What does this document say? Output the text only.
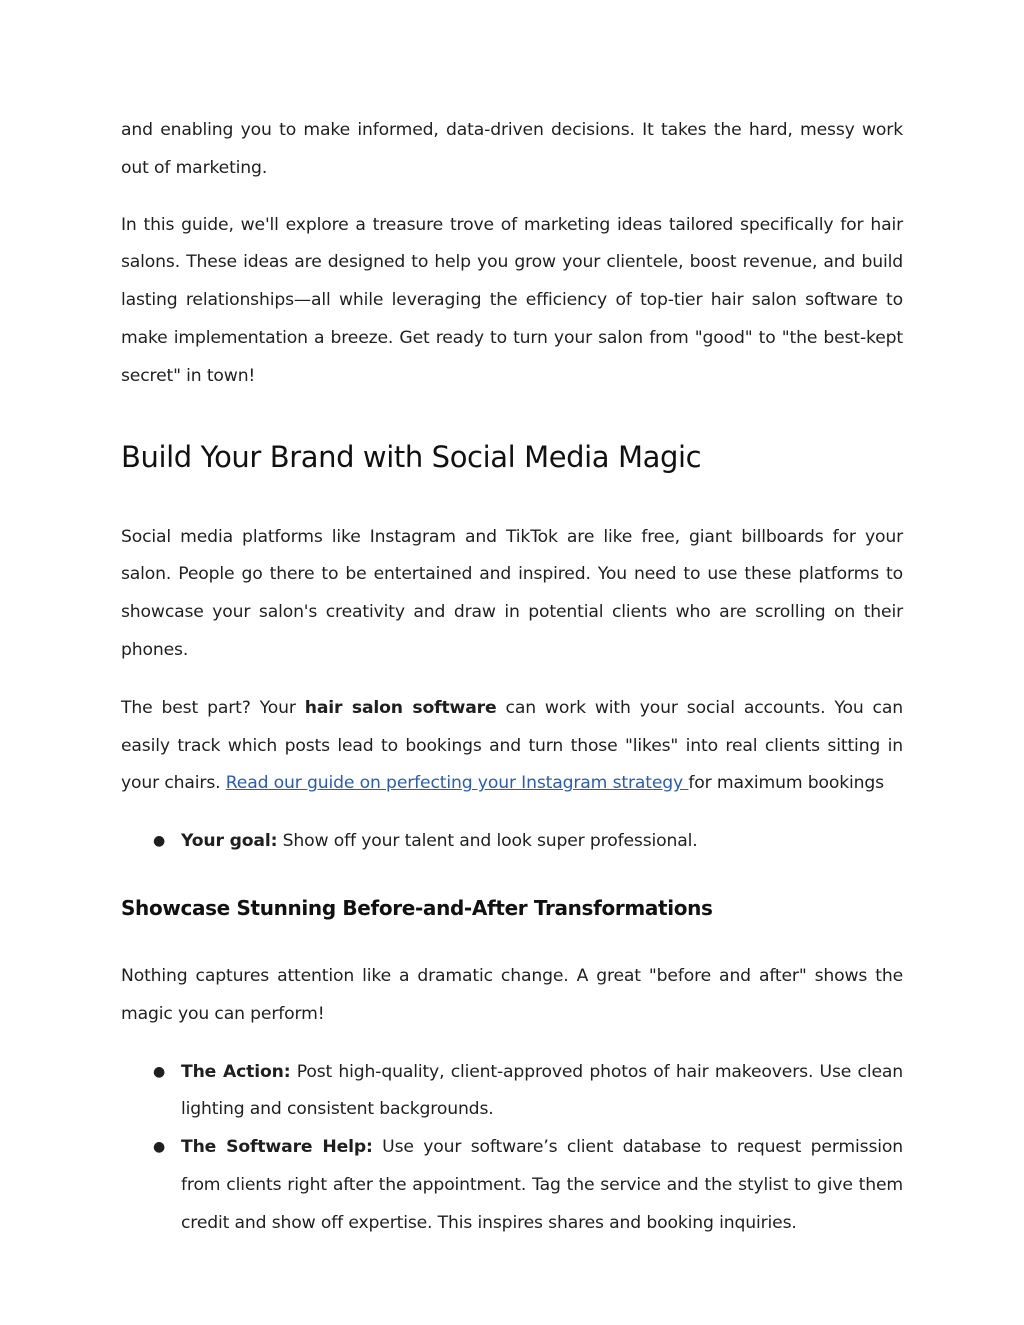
and enabling you to make informed, data-driven decisions. It takes the hard, messy work out of marketing.

In this guide, we'll explore a treasure trove of marketing ideas tailored specifically for hair salons. These ideas are designed to help you grow your clientele, boost revenue, and build lasting relationships—all while leveraging the efficiency of top-tier hair salon software to make implementation a breeze. Get ready to turn your salon from "good" to "the best-kept secret" in town!

Build Your Brand with Social Media Magic

Social media platforms like Instagram and TikTok are like free, giant billboards for your salon. People go there to be entertained and inspired. You need to use these platforms to showcase your salon's creativity and draw in potential clients who are scrolling on their phones.

The best part? Your hair salon software can work with your social accounts. You can easily track which posts lead to bookings and turn those "likes" into real clients sitting in your chairs. Read our guide on perfecting your Instagram strategy for maximum bookings

● Your goal: Show off your talent and look super professional.
Showcase Stunning Before-and-After Transformations

Nothing captures attention like a dramatic change. A great "before and after" shows the magic you can perform!

● The Action: Post high-quality, client-approved photos of hair makeovers. Use clean lighting and consistent backgrounds.
● The Software Help: Use your software’s client database to request permission from clients right after the appointment. Tag the service and the stylist to give them credit and show off expertise. This inspires shares and booking inquiries.
